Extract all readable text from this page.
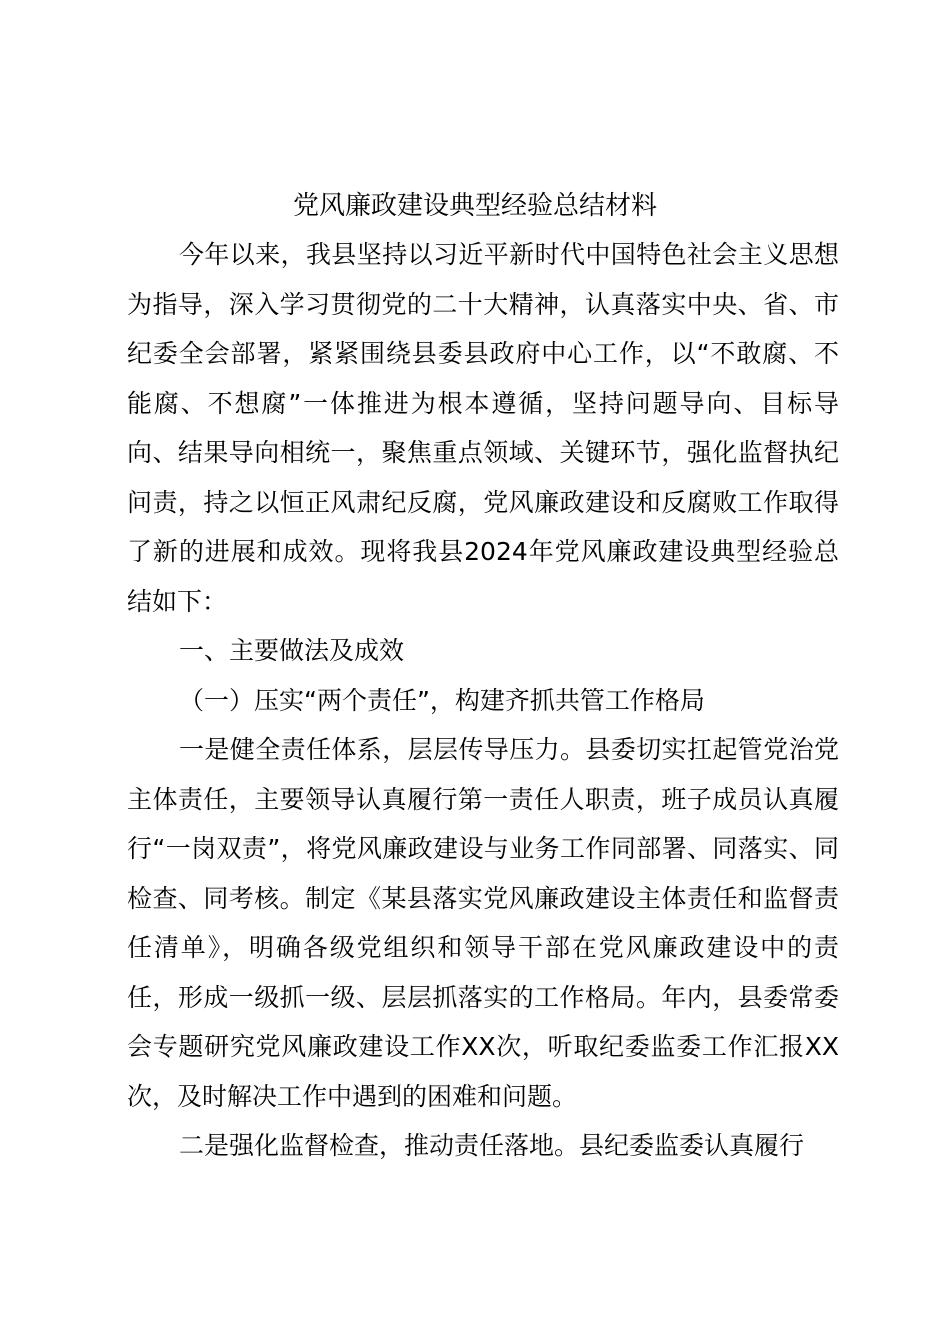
党风廉政建设典型经验总结材料

今年以来，我县坚持以习近平新时代中国特色社会主义思想为指导，深入学习贯彻党的二十大精神，认真落实中央、省、市纪委全会部署，紧紧围绕县委县政府中心工作，以“不敢腐、不能腐、不想腐”一体推进为根本遵循，坚持问题导向、目标导向、结果导向相统一，聚焦重点领域、关键环节，强化监督执纪问责，持之以恒正风肃纪反腐，党风廉政建设和反腐败工作取得了新的进展和成效。现将我县2024年党风廉政建设典型经验总结如下：

一、主要做法及成效

（一）压实“两个责任”，构建齐抓共管工作格局

一是健全责任体系，层层传导压力。县委切实扛起管党治党主体责任，主要领导认真履行第一责任人职责，班子成员认真履行“一岗双责”，将党风廉政建设与业务工作同部署、同落实、同检查、同考核。制定《某县落实党风廉政建设主体责任和监督责任清单》，明确各级党组织和领导干部在党风廉政建设中的责任，形成一级抓一级、层层抓落实的工作格局。年内，县委常委会专题研究党风廉政建设工作XX次，听取纪委监委工作汇报XX次，及时解决工作中遇到的困难和问题。

二是强化监督检查，推动责任落地。县纪委监委认真履行
